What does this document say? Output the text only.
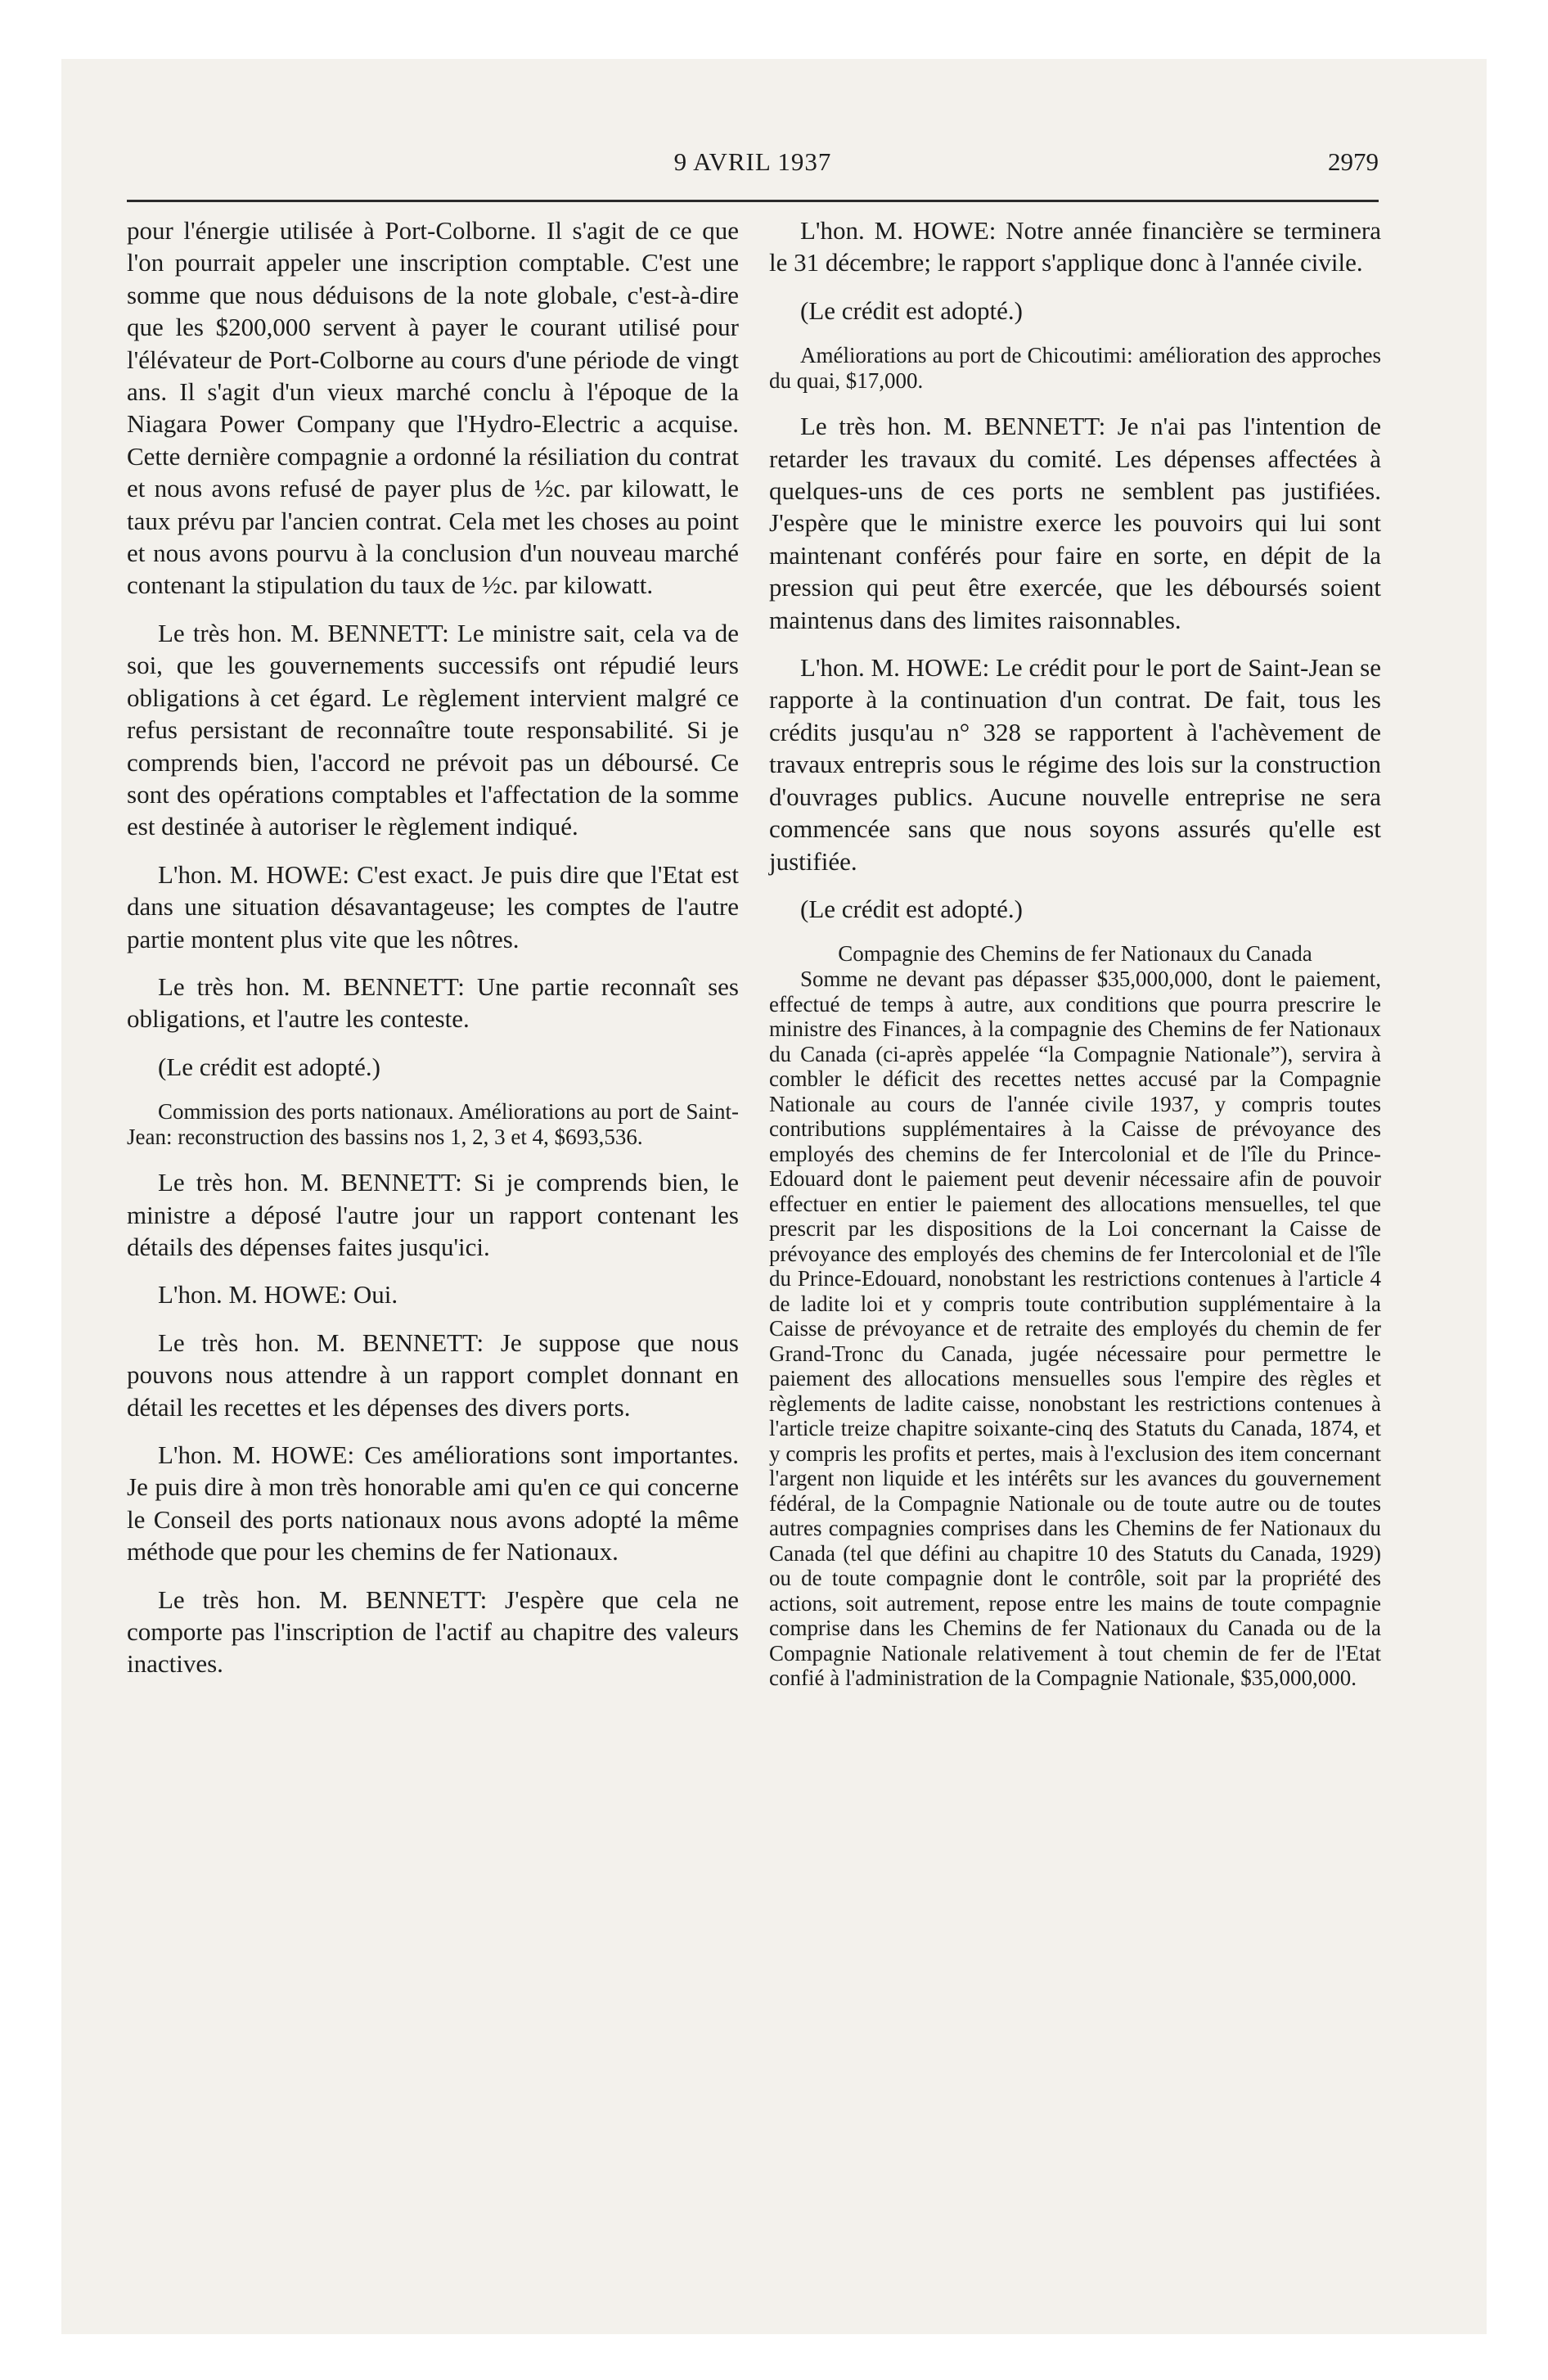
9 AVRIL 1937	2979

pour l'énergie utilisée à Port-Colborne. Il s'agit de ce que l'on pourrait appeler une inscription comptable. C'est une somme que nous déduisons de la note globale, c'est-à-dire que les $200,000 servent à payer le courant utilisé pour l'élévateur de Port-Colborne au cours d'une période de vingt ans. Il s'agit d'un vieux marché conclu à l'époque de la Niagara Power Company que l'Hydro-Electric a acquise. Cette dernière compagnie a ordonné la résiliation du contrat et nous avons refusé de payer plus de ½c. par kilowatt, le taux prévu par l'ancien contrat. Cela met les choses au point et nous avons pourvu à la conclusion d'un nouveau marché contenant la stipulation du taux de ½c. par kilowatt.

Le très hon. M. BENNETT: Le ministre sait, cela va de soi, que les gouvernements successifs ont répudié leurs obligations à cet égard. Le règlement intervient malgré ce refus persistant de reconnaître toute responsabilité. Si je comprends bien, l'accord ne prévoit pas un déboursé. Ce sont des opérations comptables et l'affectation de la somme est destinée à autoriser le règlement indiqué.

L'hon. M. HOWE: C'est exact. Je puis dire que l'Etat est dans une situation désavantageuse; les comptes de l'autre partie montent plus vite que les nôtres.

Le très hon. M. BENNETT: Une partie reconnaît ses obligations, et l'autre les conteste.

(Le crédit est adopté.)

Commission des ports nationaux. Améliorations au port de Saint-Jean: reconstruction des bassins nos 1, 2, 3 et 4, $693,536.

Le très hon. M. BENNETT: Si je comprends bien, le ministre a déposé l'autre jour un rapport contenant les détails des dépenses faites jusqu'ici.

L'hon. M. HOWE: Oui.

Le très hon. M. BENNETT: Je suppose que nous pouvons nous attendre à un rapport complet donnant en détail les recettes et les dépenses des divers ports.

L'hon. M. HOWE: Ces améliorations sont importantes. Je puis dire à mon très honorable ami qu'en ce qui concerne le Conseil des ports nationaux nous avons adopté la même méthode que pour les chemins de fer Nationaux.

Le très hon. M. BENNETT: J'espère que cela ne comporte pas l'inscription de l'actif au chapitre des valeurs inactives.

L'hon. M. HOWE: Notre année financière se terminera le 31 décembre; le rapport s'applique donc à l'année civile.

(Le crédit est adopté.)

Améliorations au port de Chicoutimi: amélioration des approches du quai, $17,000.

Le très hon. M. BENNETT: Je n'ai pas l'intention de retarder les travaux du comité. Les dépenses affectées à quelques-uns de ces ports ne semblent pas justifiées. J'espère que le ministre exerce les pouvoirs qui lui sont maintenant conférés pour faire en sorte, en dépit de la pression qui peut être exercée, que les déboursés soient maintenus dans des limites raisonnables.

L'hon. M. HOWE: Le crédit pour le port de Saint-Jean se rapporte à la continuation d'un contrat. De fait, tous les crédits jusqu'au n° 328 se rapportent à l'achèvement de travaux entrepris sous le régime des lois sur la construction d'ouvrages publics. Aucune nouvelle entreprise ne sera commencée sans que nous soyons assurés qu'elle est justifiée.

(Le crédit est adopté.)

Compagnie des Chemins de fer Nationaux du Canada

Somme ne devant pas dépasser $35,000,000, dont le paiement, effectué de temps à autre, aux conditions que pourra prescrire le ministre des Finances, à la compagnie des Chemins de fer Nationaux du Canada (ci-après appelée “la Compagnie Nationale”), servira à combler le déficit des recettes nettes accusé par la Compagnie Nationale au cours de l'année civile 1937, y compris toutes contributions supplémentaires à la Caisse de prévoyance des employés des chemins de fer Intercolonial et de l'île du Prince-Edouard dont le paiement peut devenir nécessaire afin de pouvoir effectuer en entier le paiement des allocations mensuelles, tel que prescrit par les dispositions de la Loi concernant la Caisse de prévoyance des employés des chemins de fer Intercolonial et de l'île du Prince-Edouard, nonobstant les restrictions contenues à l'article 4 de ladite loi et y compris toute contribution supplémentaire à la Caisse de prévoyance et de retraite des employés du chemin de fer Grand-Tronc du Canada, jugée nécessaire pour permettre le paiement des allocations mensuelles sous l'empire des règles et règlements de ladite caisse, nonobstant les restrictions contenues à l'article treize chapitre soixante-cinq des Statuts du Canada, 1874, et y compris les profits et pertes, mais à l'exclusion des item concernant l'argent non liquide et les intérêts sur les avances du gouvernement fédéral, de la Compagnie Nationale ou de toute autre ou de toutes autres compagnies comprises dans les Chemins de fer Nationaux du Canada (tel que défini au chapitre 10 des Statuts du Canada, 1929) ou de toute compagnie dont le contrôle, soit par la propriété des actions, soit autrement, repose entre les mains de toute compagnie comprise dans les Chemins de fer Nationaux du Canada ou de la Compagnie Nationale relativement à tout chemin de fer de l'Etat confié à l'administration de la Compagnie Nationale, $35,000,000.
